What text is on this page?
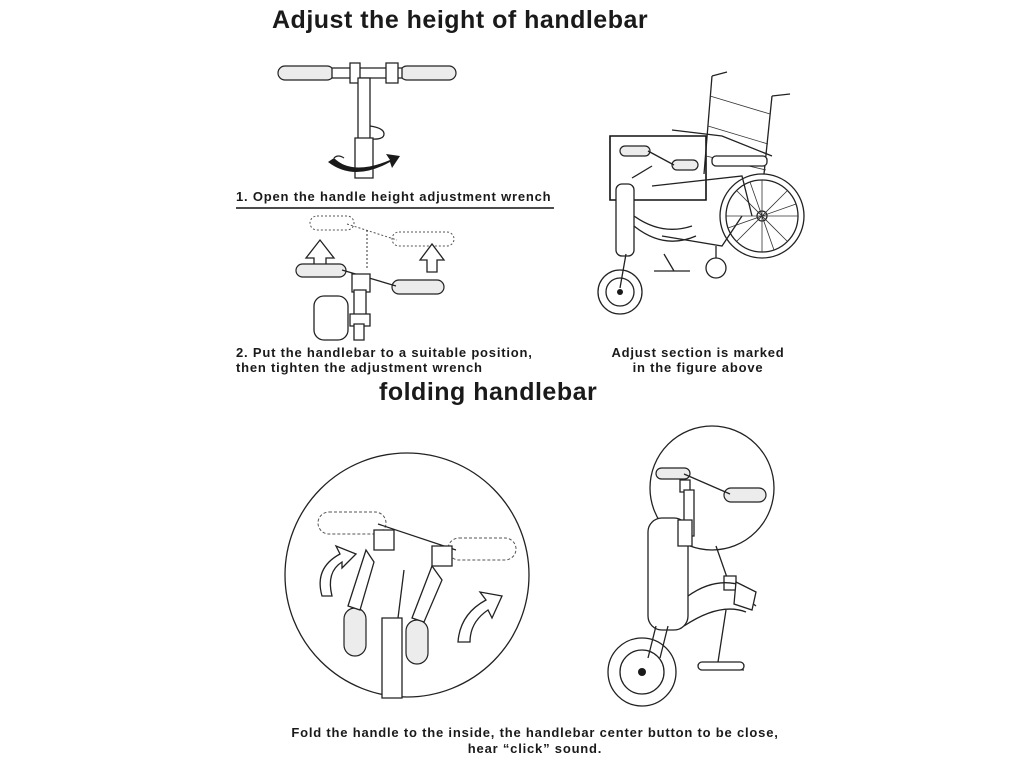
Adjust the height of handlebar
1. Open the handle height adjustment wrench
2. Put the handlebar to a suitable position,
then tighten the adjustment wrench
Adjust section is marked
in the figure above
folding handlebar
Fold the handle to the inside, the handlebar center button to be close,
hear “click” sound.
